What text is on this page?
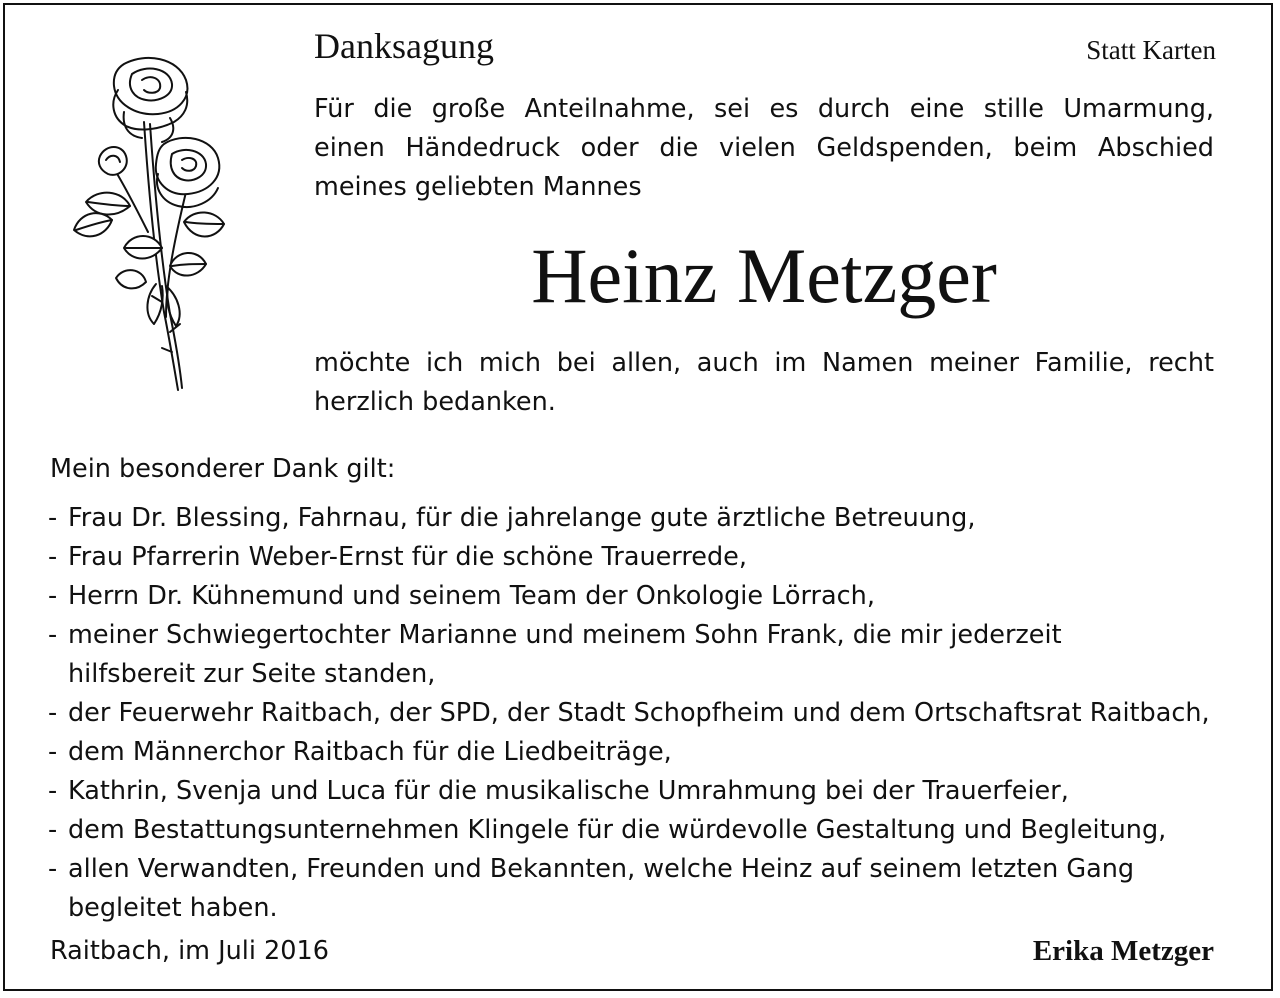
Danksagung	Statt Karten
Für die große Anteilnahme, sei es durch eine stille Umarmung,
einen Händedruck oder die vielen Geldspenden, beim Abschied
meines geliebten Mannes
Heinz Metzger
möchte ich mich bei allen, auch im Namen meiner Familie, recht
herzlich bedanken.
Mein besonderer Dank gilt:
- Frau Dr. Blessing, Fahrnau, für die jahrelange gute ärztliche Betreuung,
- Frau Pfarrerin Weber-Ernst für die schöne Trauerrede,
- Herrn Dr. Kühnemund und seinem Team der Onkologie Lörrach,
- meiner Schwiegertochter Marianne und meinem Sohn Frank, die mir jederzeit
hilfsbereit zur Seite standen,
- der Feuerwehr Raitbach, der SPD, der Stadt Schopfheim und dem Ortschaftsrat Raitbach,
- dem Männerchor Raitbach für die Liedbeiträge,
- Kathrin, Svenja und Luca für die musikalische Umrahmung bei der Trauerfeier,
- dem Bestattungsunternehmen Klingele für die würdevolle Gestaltung und Begleitung,
- allen Verwandten, Freunden und Bekannten, welche Heinz auf seinem letzten Gang
begleitet haben.
Raitbach, im Juli 2016	Erika Metzger
